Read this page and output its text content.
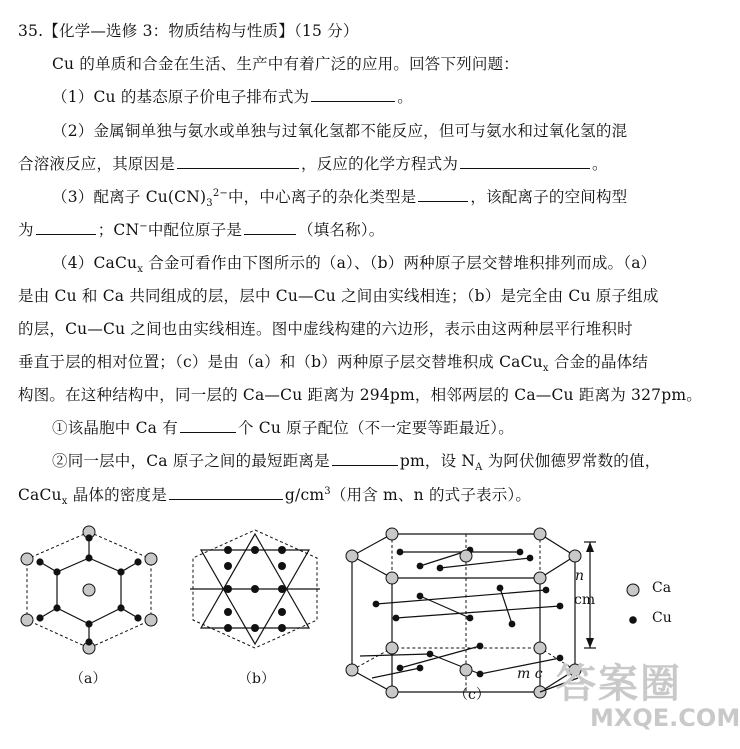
35.【化学—选修 3：物质结构与性质】（15 分）
Cu 的单质和合金在生活、生产中有着广泛的应用。回答下列问题：
（1）Cu 的基态原子价电子排布式为	。
（2）金属铜单独与氨水或单独与过氧化氢都不能反应，但可与氨水和过氧化氢的混
合溶液反应，其原因是	，反应的化学方程式为	。
（3）配离子 $Cu(CN)_3^{2-}$中，中心离子的杂化类型是	，该配离子的空间构型
为	；CN−中配位原子是	（填名称）。
（4）CaCu$_x$ 合金可看作由下图所示的（a）、（b）两种原子层交替堆积排列而成。（a）
是由 Cu 和 Ca 共同组成的层，层中 Cu—Cu 之间由实线相连；（b）是完全由 Cu 原子组成
的层，Cu—Cu 之间也由实线相连。图中虚线构建的六边形，表示由这两种层平行堆积时
垂直于层的相对位置；（c）是由（a）和（b）两种原子层交替堆积成 CaCu$_x$ 合金的晶体结
构图。在这种结构中，同一层的 Ca—Cu 距离为 294pm，相邻两层的 Ca—Cu 距离为 327pm。
①该晶胞中 Ca 有	个 Cu 原子配位（不一定要等距最近）。
②同一层中，Ca 原子之间的最短距离是	pm，设 $N_A$ 为阿伏伽德罗常数的值，
CaCu$_x$ 晶体的密度是	$g/cm^3$（用含 m、n 的式子表示）。
（a）	（b）
（c）
n
cm
m c
Ca
Cu
答案圈
MXQE.COM
